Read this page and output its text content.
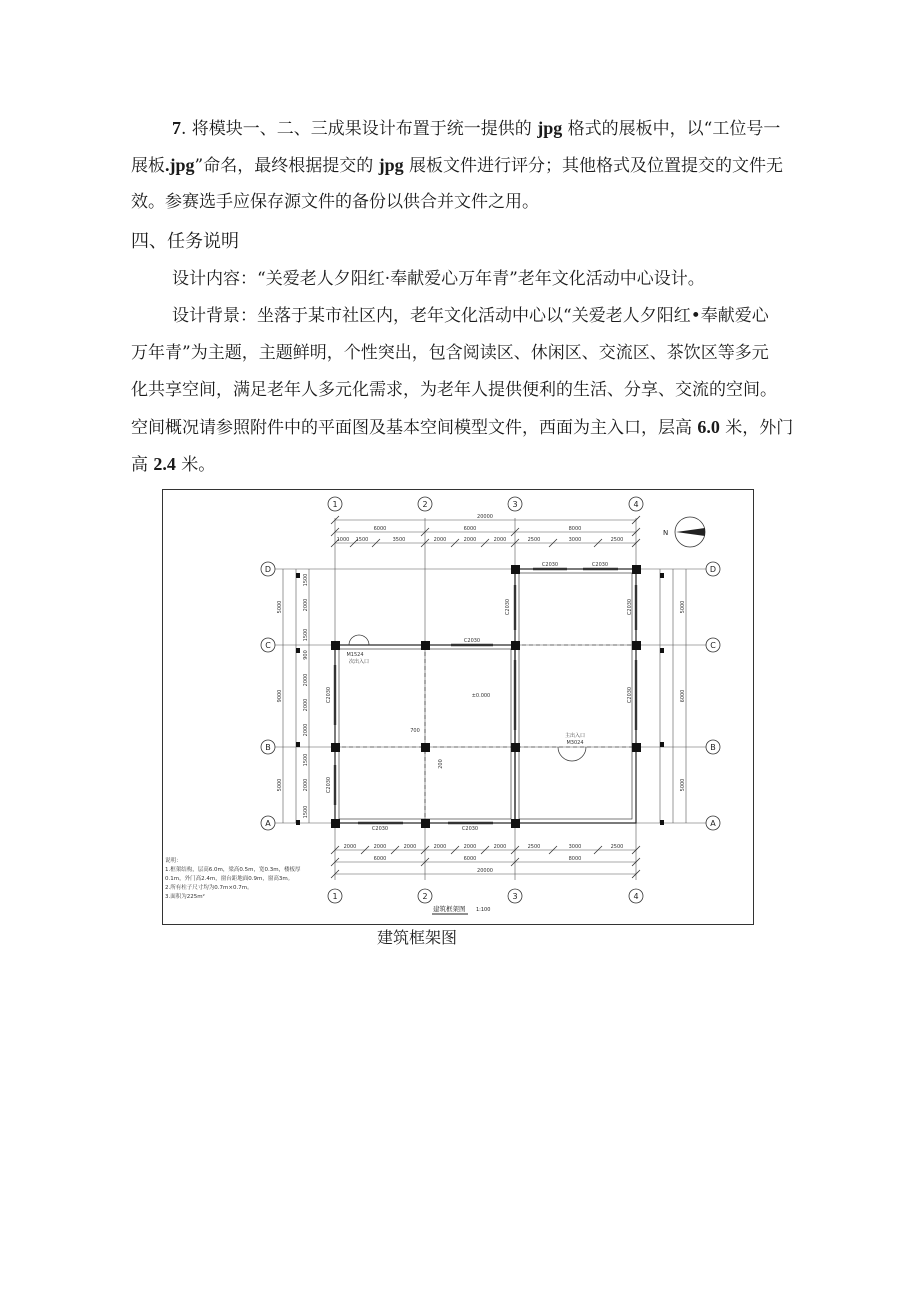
7. 将模块一、二、三成果设计布置于统一提供的 jpg 格式的展板中，以“工位号一
展板.jpg”命名，最终根据提交的 jpg 展板文件进行评分；其他格式及位置提交的文件无
效。参赛选手应保存源文件的备份以供合并文件之用。
四、任务说明
设计内容：“关爱老人夕阳红·奉献爱心万年青”老年文化活动中心设计。
设计背景：坐落于某市社区内，老年文化活动中心以“关爱老人夕阳红•奉献爱心
万年青”为主题，主题鲜明，个性突出，包含阅读区、休闲区、交流区、茶饮区等多元
化共享空间，满足老年人多元化需求，为老年人提供便利的生活、分享、交流的空间。
空间概况请参照附件中的平面图及基本空间模型文件，西面为主入口，层高 6.0 米，外门
高 2.4 米。
1	2	3	4
1	2	3	4
D
C
B
A
D
C
B
A
20000
6000	6000	8000
1000 1500	3500	2000	2000	2000	2500	3000	2500
2000	2000	2000	2000	2000	2000	2500	3000	2500
6000	6000	8000
20000
5000
9000
5000
1500
2000
1500
900
2000
2000
2000
1500
2000
1500
5000
6000
5000
C2030
C2030	C2030
C2030	C2030
C2030
C2030
C2030	C2030
C2030
M1524
次出入口
主出入口
M3024
±0.000
700
200
N
说明：
1.框架结构，层高6.0m，梁高0.5m，宽0.3m，楼板厚
0.1m，外门高2.4m，窗台距地面0.9m，窗高3m。
2.所有柱子尺寸均为0.7m×0.7m。
3.面积为225m²
建筑框架图 1:100
建筑框架图
